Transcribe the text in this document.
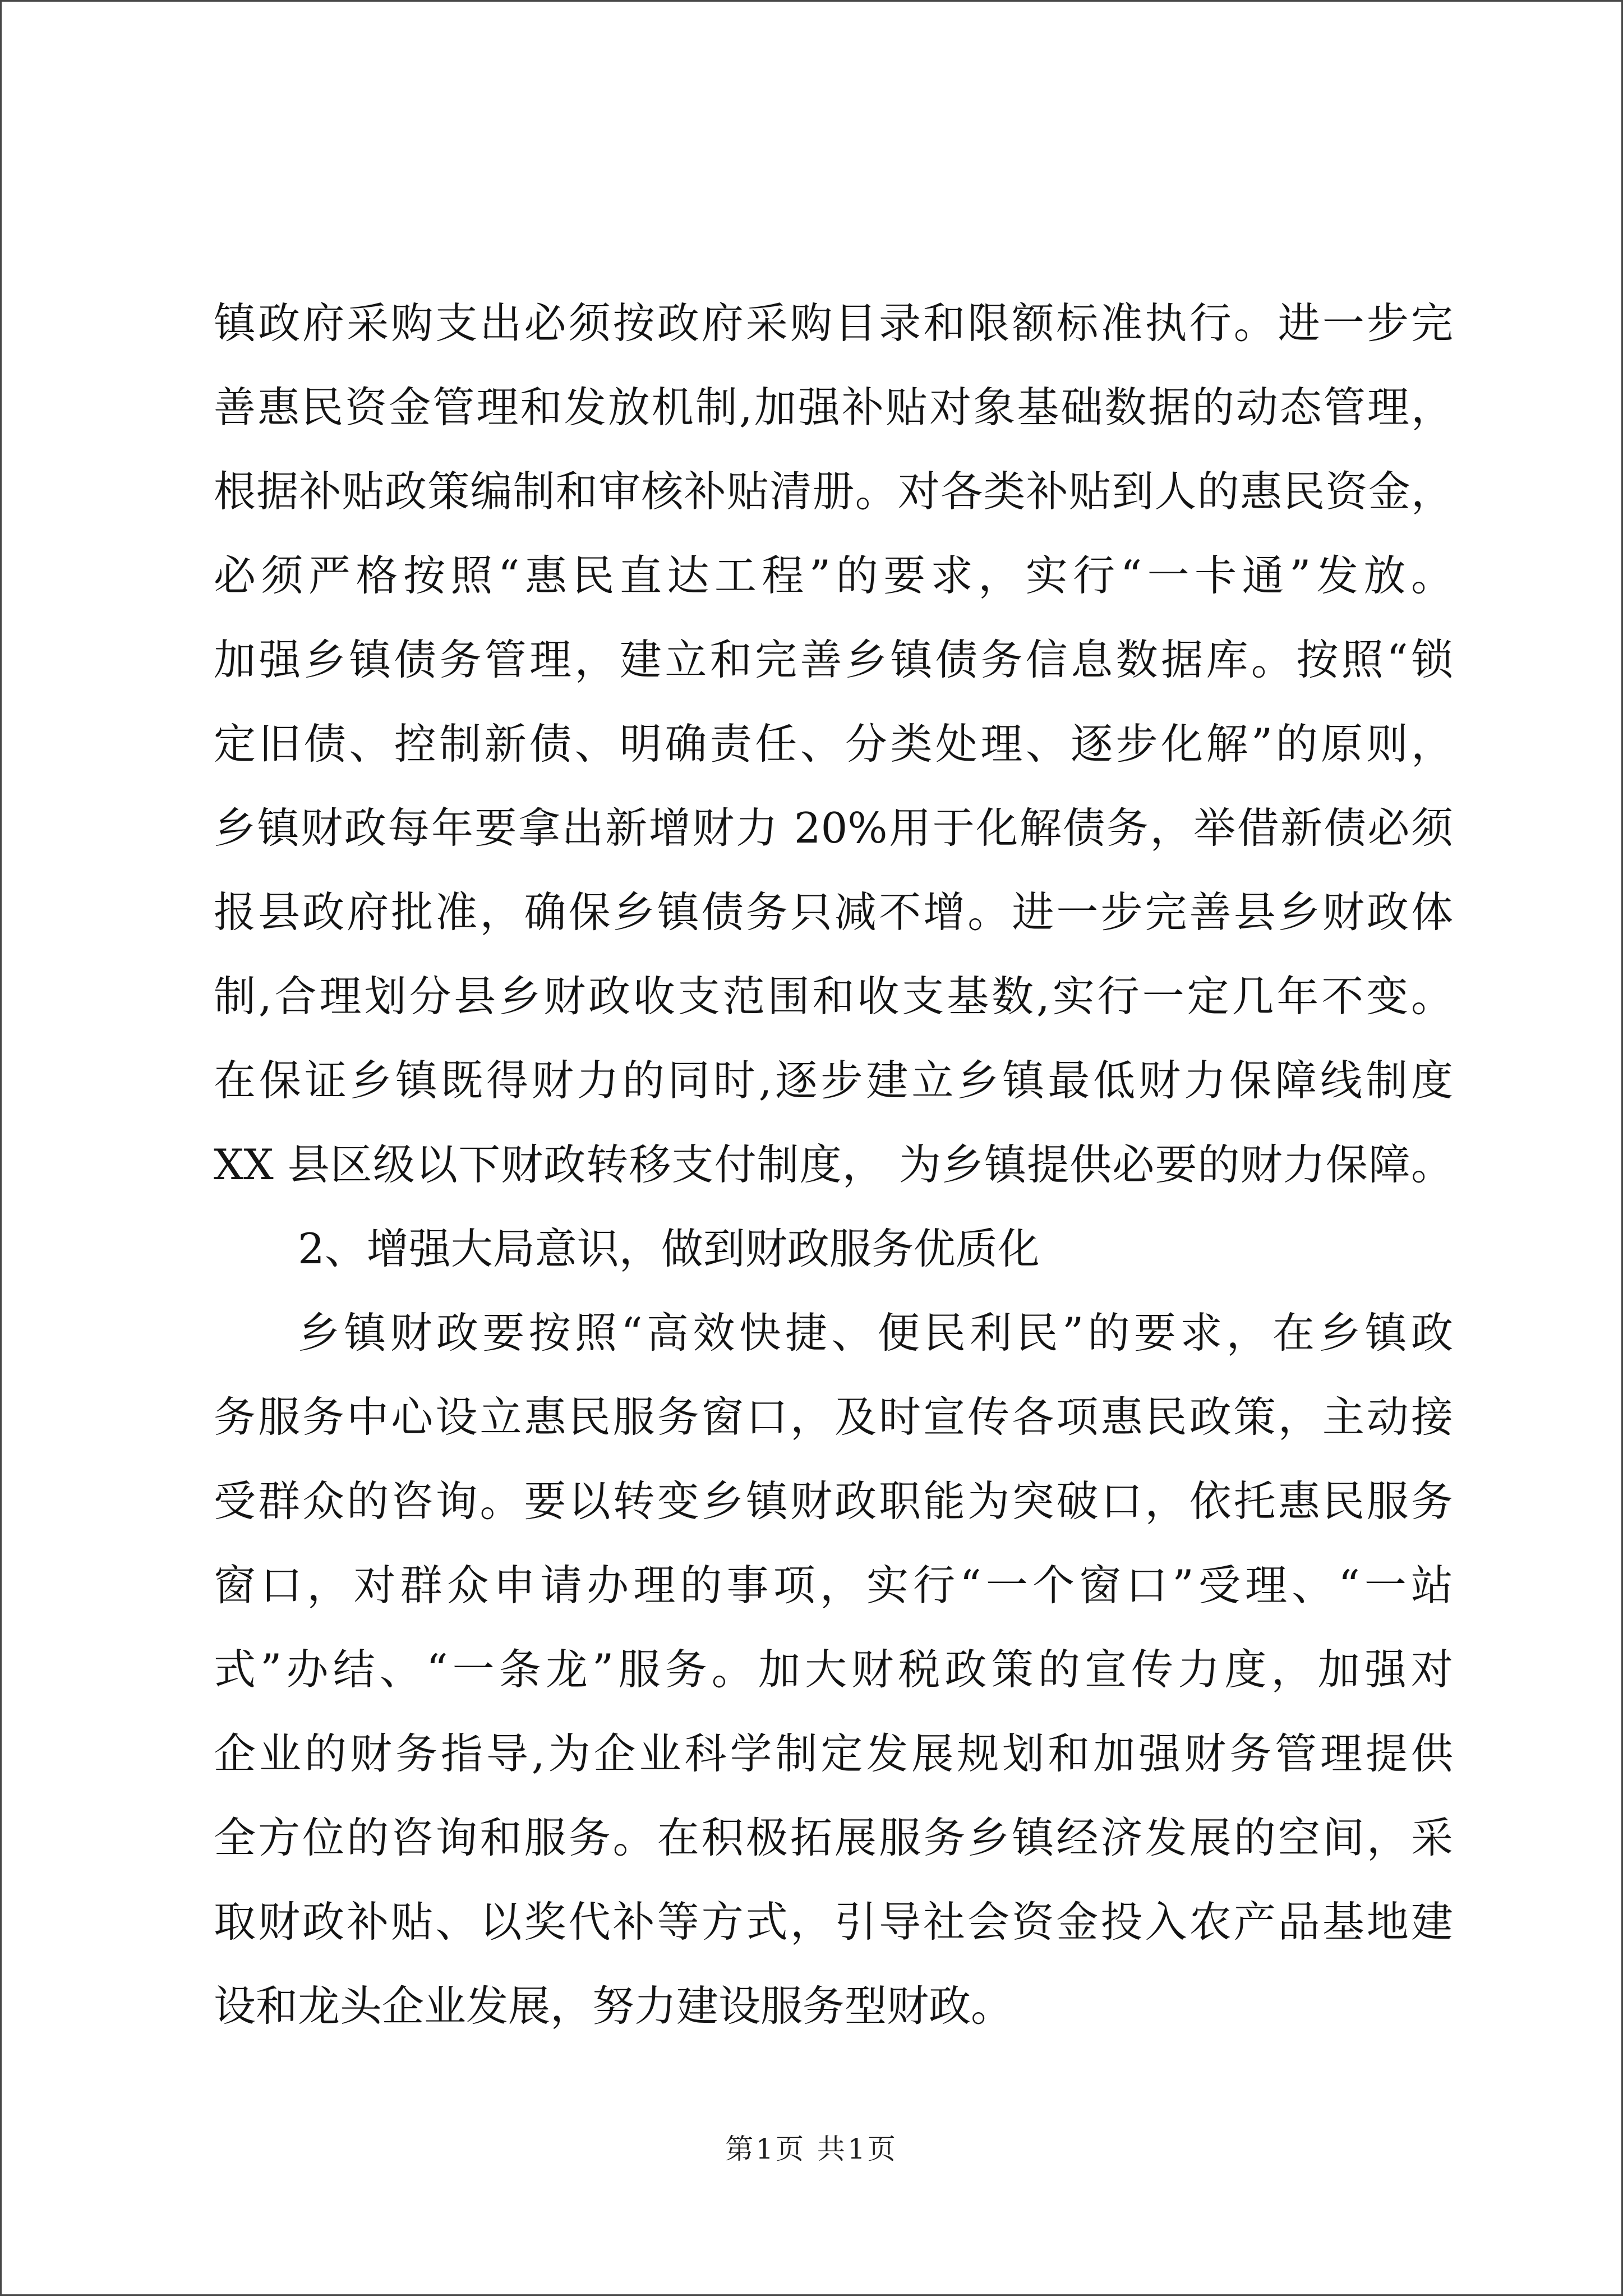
镇政府采购支出必须按政府采购目录和限额标准执行。进一步完

善惠民资金管理和发放机制,加强补贴对象基础数据的动态管理，

根据补贴政策编制和审核补贴清册。对各类补贴到人的惠民资金，

必须严格按照“惠民直达工程”的要求，实行“一卡通”发放。

加强乡镇债务管理，建立和完善乡镇债务信息数据库。按照“锁

定旧债、控制新债、明确责任、分类处理、逐步化解”的原则，

乡镇财政每年要拿出新增财力 20%用于化解债务，举借新债必须

报县政府批准，确保乡镇债务只减不增。进一步完善县乡财政体

制,合理划分县乡财政收支范围和收支基数,实行一定几年不变。

在保证乡镇既得财力的同时,逐步建立乡镇最低财力保障线制度

XX 县区级以下财政转移支付制度， 为乡镇提供必要的财力保障。

2、增强大局意识，做到财政服务优质化

乡镇财政要按照“高效快捷、便民利民”的要求，在乡镇政

务服务中心设立惠民服务窗口，及时宣传各项惠民政策，主动接

受群众的咨询。要以转变乡镇财政职能为突破口，依托惠民服务

窗口，对群众申请办理的事项，实行“一个窗口”受理、“一站

式”办结、“一条龙”服务。加大财税政策的宣传力度，加强对

企业的财务指导,为企业科学制定发展规划和加强财务管理提供

全方位的咨询和服务。在积极拓展服务乡镇经济发展的空间，采

取财政补贴、以奖代补等方式，引导社会资金投入农产品基地建

设和龙头企业发展，努力建设服务型财政。

第1页 共1页
